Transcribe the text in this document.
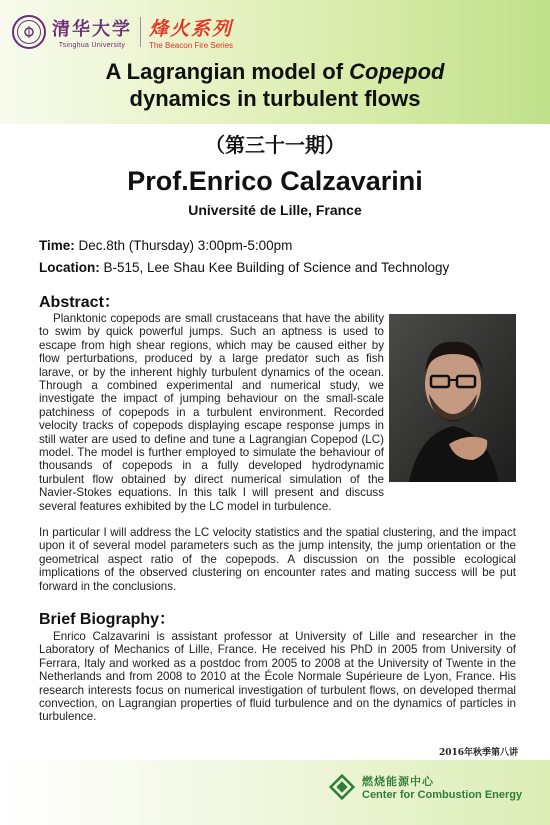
清华大学
Tsinghua University
烽火系列
The Beacon Fire Series
A Lagrangian model of Copepod
dynamics in turbulent flows
（第三十一期）
Prof.Enrico Calzavarini
Université de Lille, France
Time: Dec.8th (Thursday) 3:00pm-5:00pm
Location: B-515, Lee Shau Kee Building of Science and Technology
Abstract：
Planktonic copepods are small crustaceans that have the ability to swim by quick powerful jumps. Such an aptness is used to escape from high shear regions, which may be caused either by flow perturbations, produced by a large predator such as fish larave, or by the inherent highly turbulent dynamics of the ocean. Through a combined experimental and numerical study, we investigate the impact of jumping behaviour on the small-scale patchiness of copepods in a turbulent environment. Recorded velocity tracks of copepods displaying escape response jumps in still water are used to define and tune a Lagrangian Copepod (LC) model. The model is further employed to simulate the behaviour of thousands of copepods in a fully developed hydrodynamic turbulent flow obtained by direct numerical simulation of the Navier-Stokes equations. In this talk I will present and discuss several features exhibited by the LC model in turbulence.
In particular I will address the LC velocity statistics and the spatial clustering, and the impact upon it of several model parameters such as the jump intensity, the jump orientation or the geometrical aspect ratio of the copepods. A discussion on the possible ecological implications of the observed clustering on encounter rates and mating success will be put forward in the conclusions.
Brief Biography：
Enrico Calzavarini is assistant professor at University of Lille and researcher in the Laboratory of Mechanics of Lille, France. He received his PhD in 2005 from University of Ferrara, Italy and worked as a postdoc from 2005 to 2008 at the University of Twente in the Netherlands and from 2008 to 2010 at the École Normale Supérieure de Lyon, France. His research interests focus on numerical investigation of turbulent flows, on developed thermal convection, on Lagrangian properties of fluid turbulence and on the dynamics of particles in turbulence.
2016年秋季第八讲
燃烧能源中心
Center for Combustion Energy
